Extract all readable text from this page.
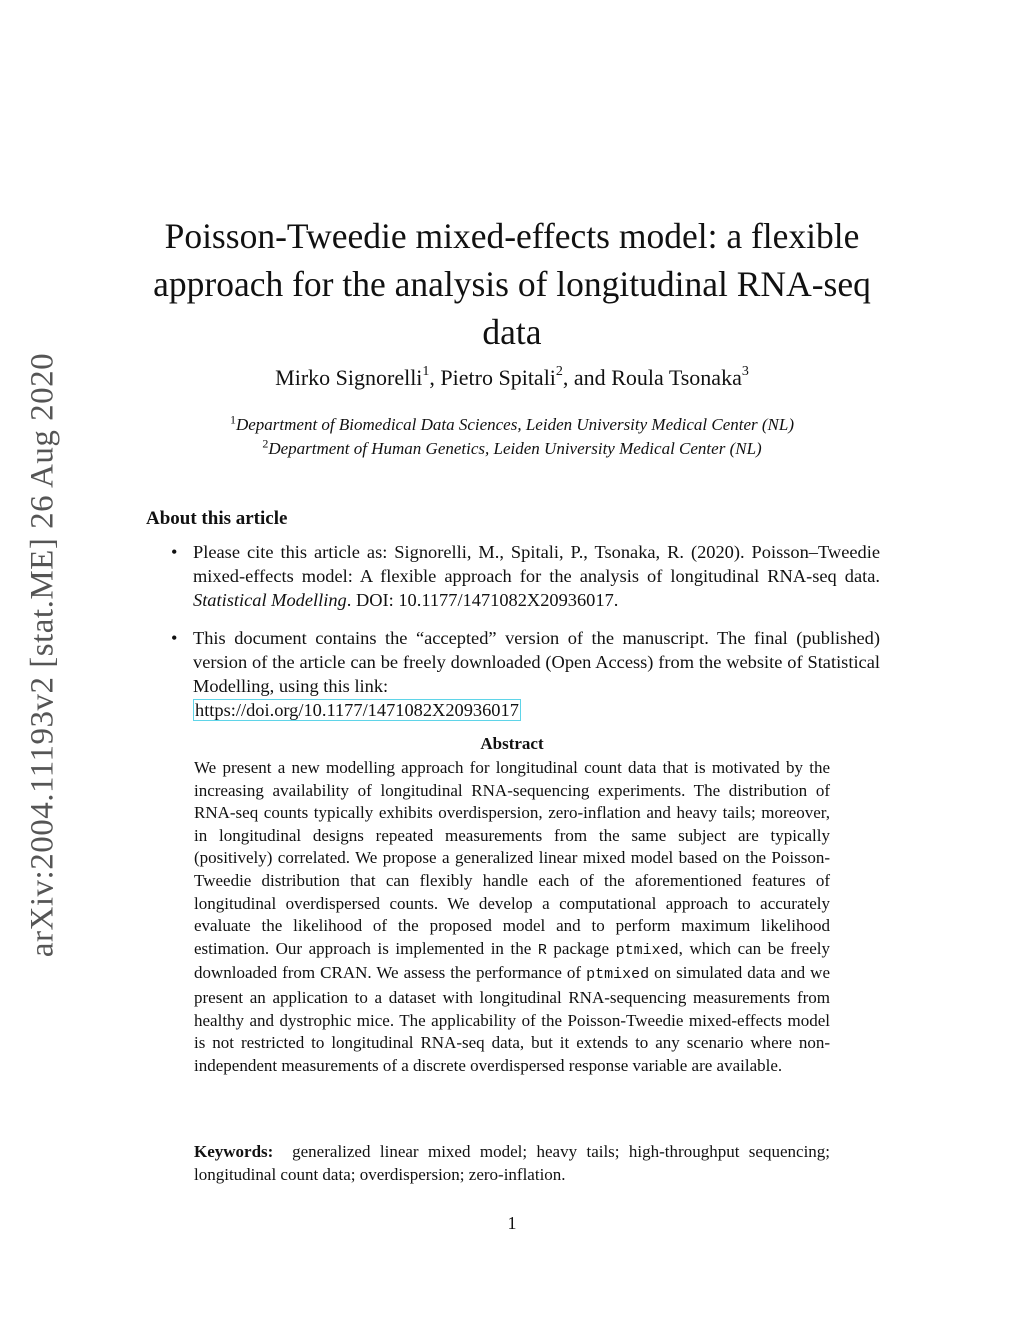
arXiv:2004.11193v2 [stat.ME] 26 Aug 2020
Poisson-Tweedie mixed-effects model: a flexible approach for the analysis of longitudinal RNA-seq data
Mirko Signorelli$^1$, Pietro Spitali$^2$, and Roula Tsonaka$^3$
$^1$Department of Biomedical Data Sciences, Leiden University Medical Center (NL)
$^2$Department of Human Genetics, Leiden University Medical Center (NL)
About this article
• Please cite this article as: Signorelli, M., Spitali, P., Tsonaka, R. (2020). Poisson–Tweedie mixed-effects model: A flexible approach for the analysis of longitudinal RNA-seq data. Statistical Modelling. DOI: 10.1177/1471082X20936017.
• This document contains the “accepted” version of the manuscript. The final (published) version of the article can be freely downloaded (Open Access) from the website of Statistical Modelling, using this link:
https://doi.org/10.1177/1471082X20936017
Abstract

We present a new modelling approach for longitudinal count data that is motivated by the increasing availability of longitudinal RNA-sequencing experiments. The distribution of RNA-seq counts typically exhibits overdispersion, zero-inflation and heavy tails; moreover, in longitudinal designs repeated measurements from the same subject are typically (positively) correlated. We propose a generalized linear mixed model based on the Poisson-Tweedie distribution that can flexibly handle each of the aforementioned features of longitudinal overdispersed counts. We develop a computational approach to accurately evaluate the likelihood of the proposed model and to perform maximum likelihood estimation. Our approach is implemented in the R package ptmixed, which can be freely downloaded from CRAN. We assess the performance of ptmixed on simulated data and we present an application to a dataset with longitudinal RNA-sequencing measurements from healthy and dystrophic mice. The applicability of the Poisson-Tweedie mixed-effects model is not restricted to longitudinal RNA-seq data, but it extends to any scenario where non-independent measurements of a discrete overdispersed response variable are available.

Keywords: generalized linear mixed model; heavy tails; high-throughput sequencing; longitudinal count data; overdispersion; zero-inflation.
1
